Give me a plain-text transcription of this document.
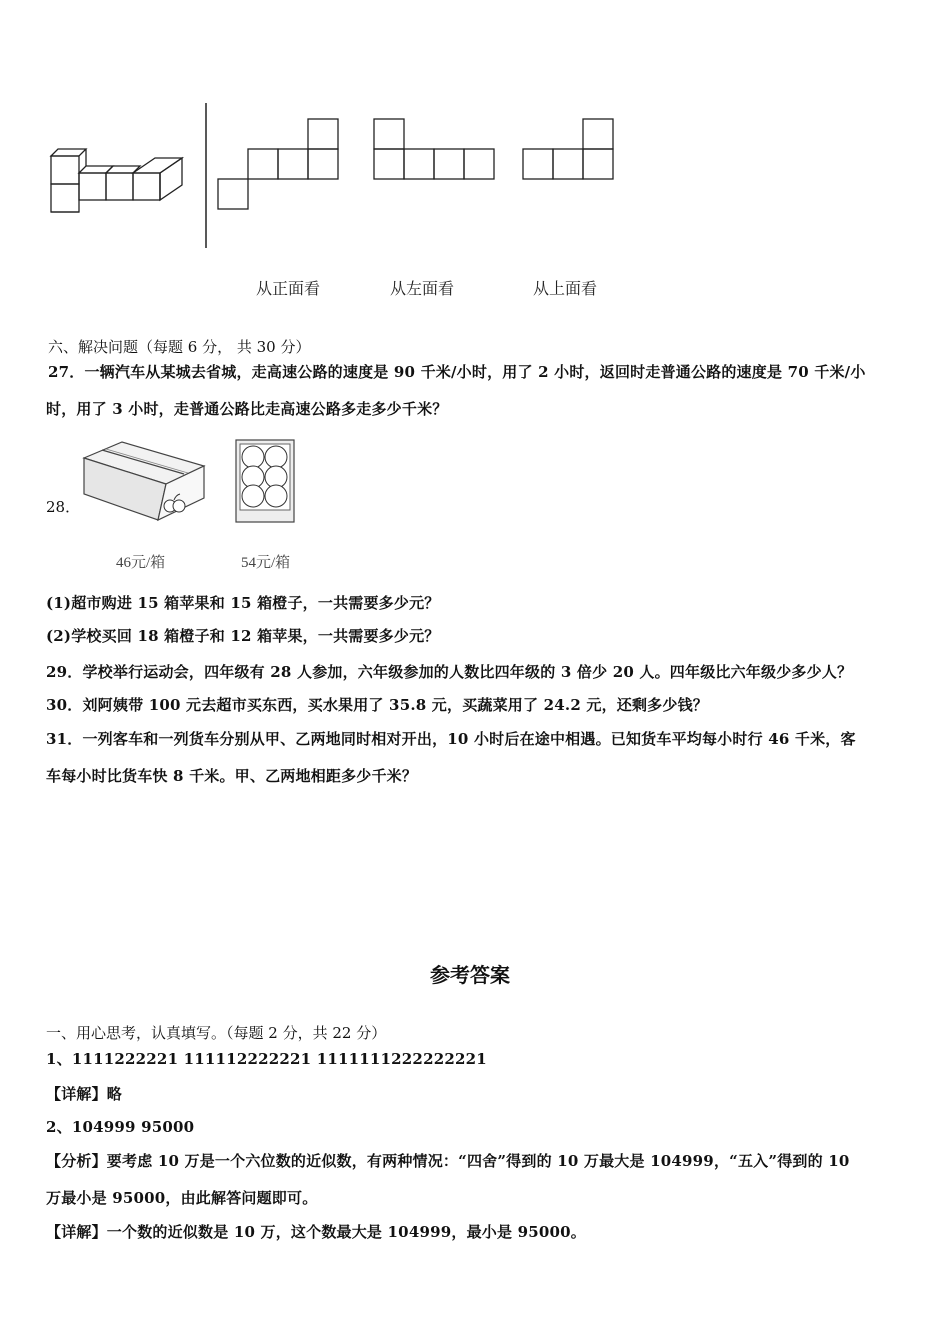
从正面看	从左面看	从上面看
六、解决问题（每题 6 分， 共 30 分）
27．一辆汽车从某城去省城，走高速公路的速度是 90 千米/小时，用了 2 小时，返回时走普通公路的速度是 70 千米/小
时，用了 3 小时，走普通公路比走高速公路多走多少千米？
28．
46元/箱	54元/箱
(1)超市购进 15 箱苹果和 15 箱橙子，一共需要多少元？
(2)学校买回 18 箱橙子和 12 箱苹果，一共需要多少元？
29．学校举行运动会，四年级有 28 人参加，六年级参加的人数比四年级的 3 倍少 20 人。四年级比六年级少多少人？
30．刘阿姨带 100 元去超市买东西，买水果用了 35.8 元，买蔬菜用了 24.2 元，还剩多少钱？
31．一列客车和一列货车分别从甲、乙两地同时相对开出，10 小时后在途中相遇。已知货车平均每小时行 46 千米，客
车每小时比货车快 8 千米。甲、乙两地相距多少千米？
参考答案
一、用心思考，认真填写。（每题 2 分，共 22 分）
1、1111222221 111112222221 1111111222222221
【详解】略
2、104999 95000
【分析】要考虑 10 万是一个六位数的近似数，有两种情况：“四舍”得到的 10 万最大是 104999，“五入”得到的 10
万最小是 95000，由此解答问题即可。
【详解】一个数的近似数是 10 万，这个数最大是 104999，最小是 95000。
